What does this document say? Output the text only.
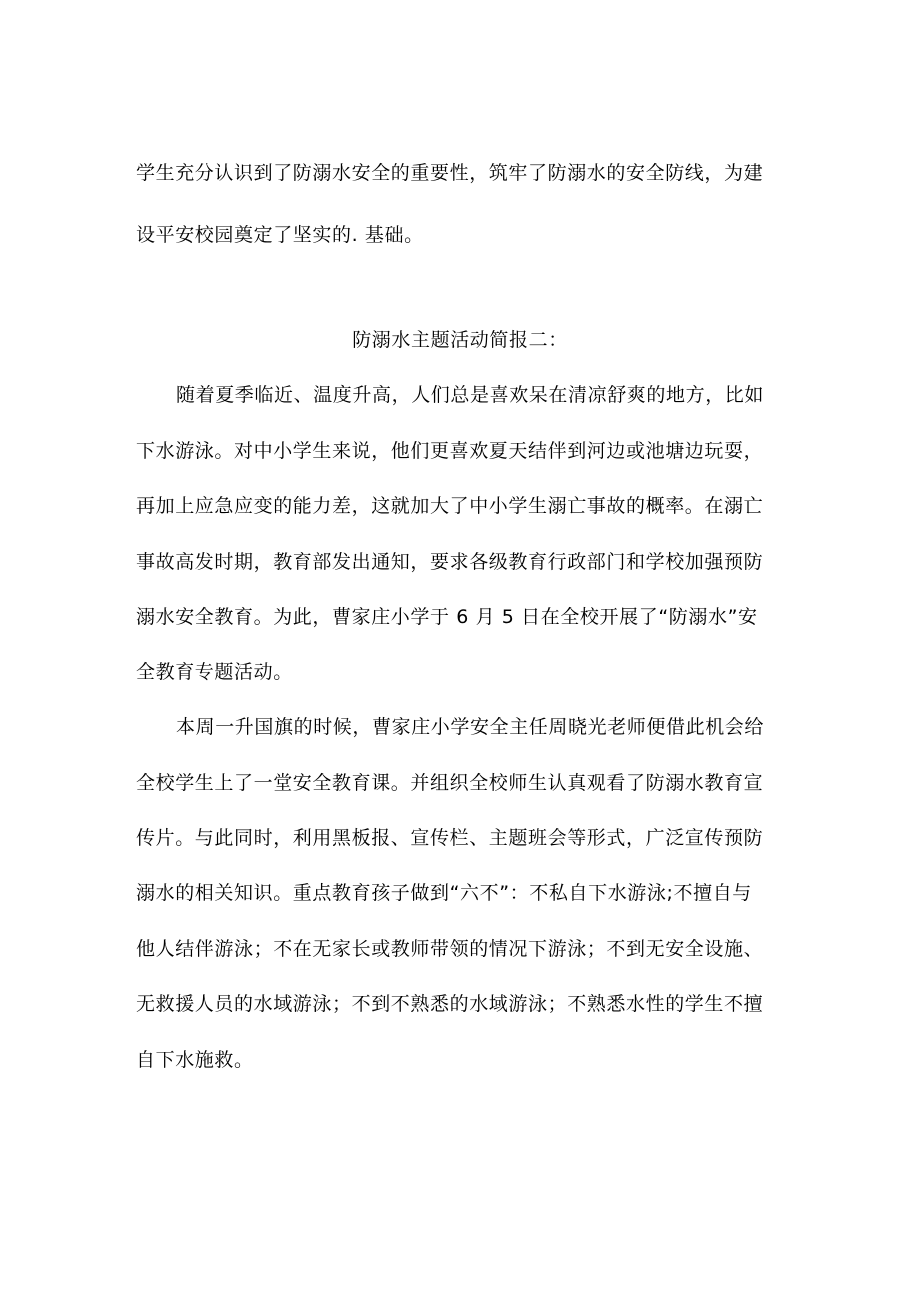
学生充分认识到了防溺水安全的重要性，筑牢了防溺水的安全防线，为建
设平安校园奠定了坚实的. 基础。
防溺水主题活动简报二：
随着夏季临近、温度升高，人们总是喜欢呆在清凉舒爽的地方，比如
下水游泳。对中小学生来说，他们更喜欢夏天结伴到河边或池塘边玩耍，
再加上应急应变的能力差，这就加大了中小学生溺亡事故的概率。在溺亡
事故高发时期，教育部发出通知，要求各级教育行政部门和学校加强预防
溺水安全教育。为此，曹家庄小学于 6 月 5 日在全校开展了“防溺水”安
全教育专题活动。
本周一升国旗的时候，曹家庄小学安全主任周晓光老师便借此机会给
全校学生上了一堂安全教育课。并组织全校师生认真观看了防溺水教育宣
传片。与此同时，利用黑板报、宣传栏、主题班会等形式，广泛宣传预防
溺水的相关知识。重点教育孩子做到“六不”：不私自下水游泳;不擅自与
他人结伴游泳；不在无家长或教师带领的情况下游泳；不到无安全设施、
无救援人员的水域游泳；不到不熟悉的水域游泳；不熟悉水性的学生不擅
自下水施救。
